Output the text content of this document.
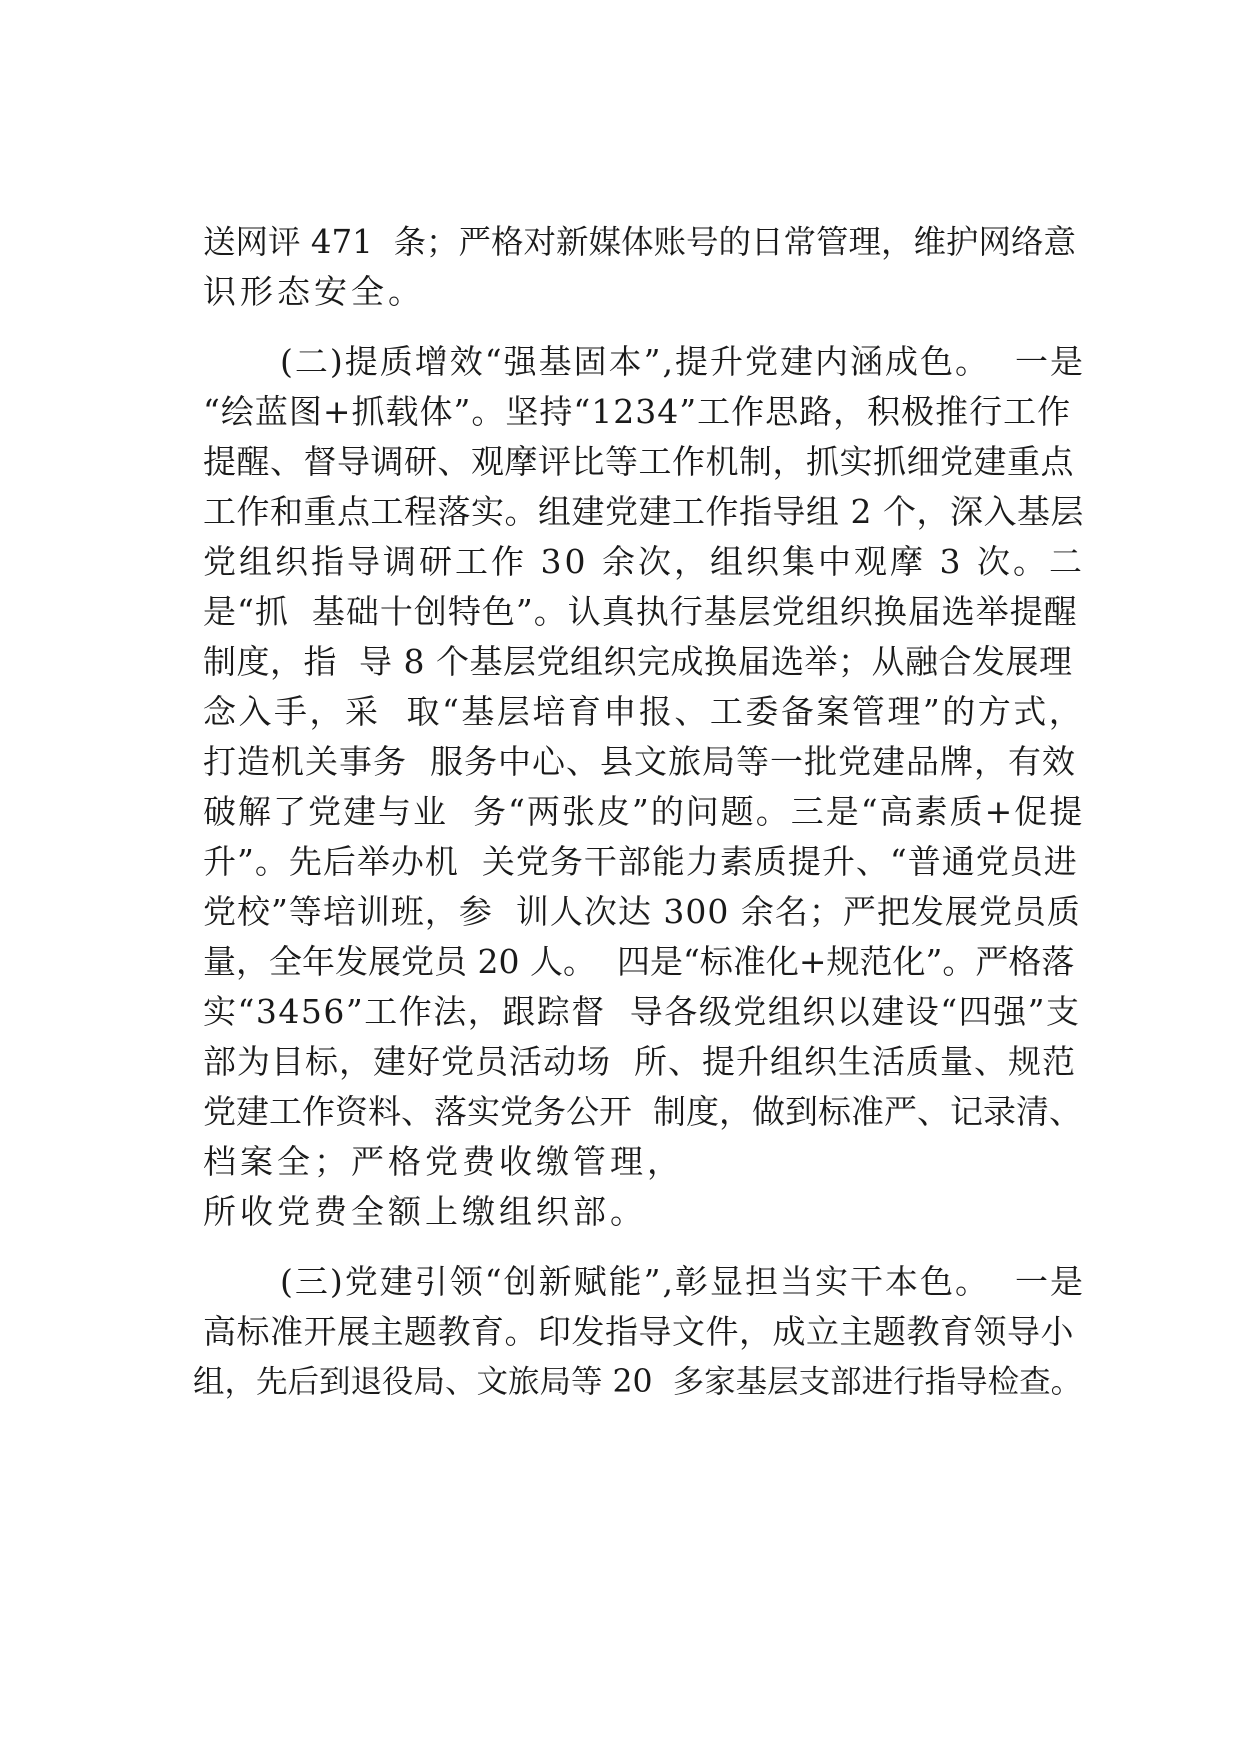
送网评 471  条；严格对新媒体账号的日常管理，维护网络意

识形态安全。

(二)提质增效“强基固本”,提升党建内涵成色。  一是

“绘蓝图+抓载体”。坚持“1234”工作思路，积极推行工作

提醒、督导调研、观摩评比等工作机制，抓实抓细党建重点

工作和重点工程落实。组建党建工作指导组 2 个，深入基层

党组织指导调研工作 30 余次，组织集中观摩 3 次。二

是“抓  基础十创特色”。认真执行基层党组织换届选举提醒

制度，指  导 8 个基层党组织完成换届选举；从融合发展理

念入手，采  取“基层培育申报、工委备案管理”的方式，

打造机关事务  服务中心、县文旅局等一批党建品牌，有效

破解了党建与业  务“两张皮”的问题。三是“高素质+促提

升”。先后举办机  关党务干部能力素质提升、“普通党员进

党校”等培训班，参  训人次达 300 余名；严把发展党员质

量，全年发展党员 20 人。  四是“标准化+规范化”。严格落

实“3456”工作法，跟踪督  导各级党组织以建设“四强”支

部为目标，建好党员活动场  所、提升组织生活质量、规范

党建工作资料、落实党务公开  制度，做到标准严、记录清、

档案全；严格党费收缴管理，

所收党费全额上缴组织部。

(三)党建引领“创新赋能”,彰显担当实干本色。  一是

高标准开展主题教育。印发指导文件，成立主题教育领导小

组，先后到退役局、文旅局等 20  多家基层支部进行指导检查。
